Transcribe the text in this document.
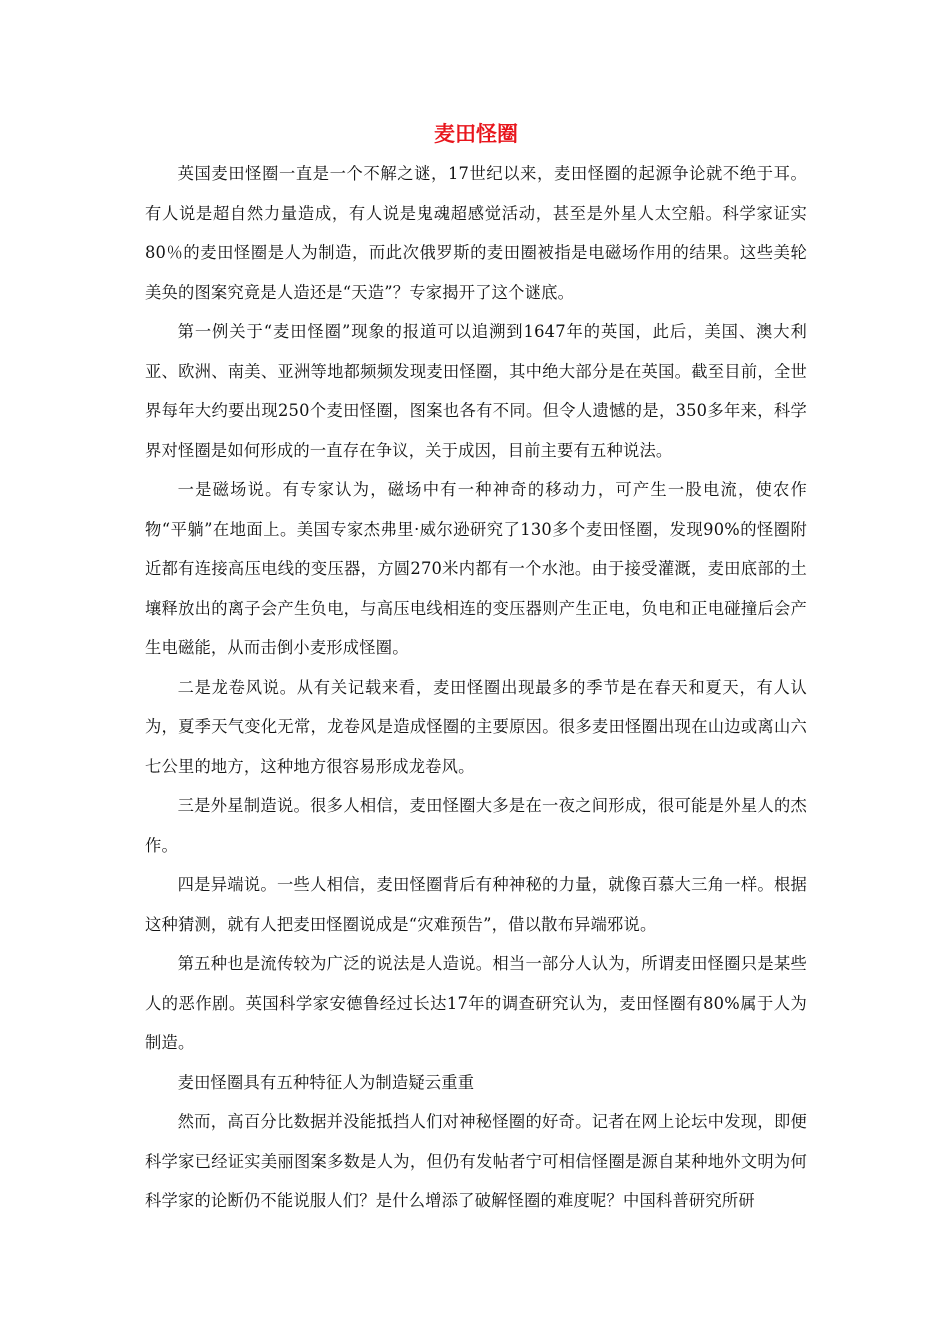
麦田怪圈

英国麦田怪圈一直是一个不解之谜，17世纪以来，麦田怪圈的起源争论就不绝于耳。有人说是超自然力量造成，有人说是鬼魂超感觉活动，甚至是外星人太空船。科学家证实80％的麦田怪圈是人为制造，而此次俄罗斯的麦田圈被指是电磁场作用的结果。这些美轮美奂的图案究竟是人造还是“天造”？专家揭开了这个谜底。

第一例关于“麦田怪圈”现象的报道可以追溯到1647年的英国，此后，美国、澳大利亚、欧洲、南美、亚洲等地都频频发现麦田怪圈，其中绝大部分是在英国。截至目前，全世界每年大约要出现250个麦田怪圈，图案也各有不同。但令人遗憾的是，350多年来，科学界对怪圈是如何形成的一直存在争议，关于成因，目前主要有五种说法。

一是磁场说。有专家认为，磁场中有一种神奇的移动力，可产生一股电流，使农作物“平躺”在地面上。美国专家杰弗里·威尔逊研究了130多个麦田怪圈，发现90%的怪圈附近都有连接高压电线的变压器，方圆270米内都有一个水池。由于接受灌溉，麦田底部的土壤释放出的离子会产生负电，与高压电线相连的变压器则产生正电，负电和正电碰撞后会产生电磁能，从而击倒小麦形成怪圈。

二是龙卷风说。从有关记载来看，麦田怪圈出现最多的季节是在春天和夏天，有人认为，夏季天气变化无常，龙卷风是造成怪圈的主要原因。很多麦田怪圈出现在山边或离山六七公里的地方，这种地方很容易形成龙卷风。

三是外星制造说。很多人相信，麦田怪圈大多是在一夜之间形成，很可能是外星人的杰作。

四是异端说。一些人相信，麦田怪圈背后有种神秘的力量，就像百慕大三角一样。根据这种猜测，就有人把麦田怪圈说成是“灾难预告”，借以散布异端邪说。

第五种也是流传较为广泛的说法是人造说。相当一部分人认为，所谓麦田怪圈只是某些人的恶作剧。英国科学家安德鲁经过长达17年的调查研究认为，麦田怪圈有80%属于人为制造。

麦田怪圈具有五种特征人为制造疑云重重

然而，高百分比数据并没能抵挡人们对神秘怪圈的好奇。记者在网上论坛中发现，即便科学家已经证实美丽图案多数是人为，但仍有发帖者宁可相信怪圈是源自某种地外文明为何科学家的论断仍不能说服人们？是什么增添了破解怪圈的难度呢？中国科普研究所研
